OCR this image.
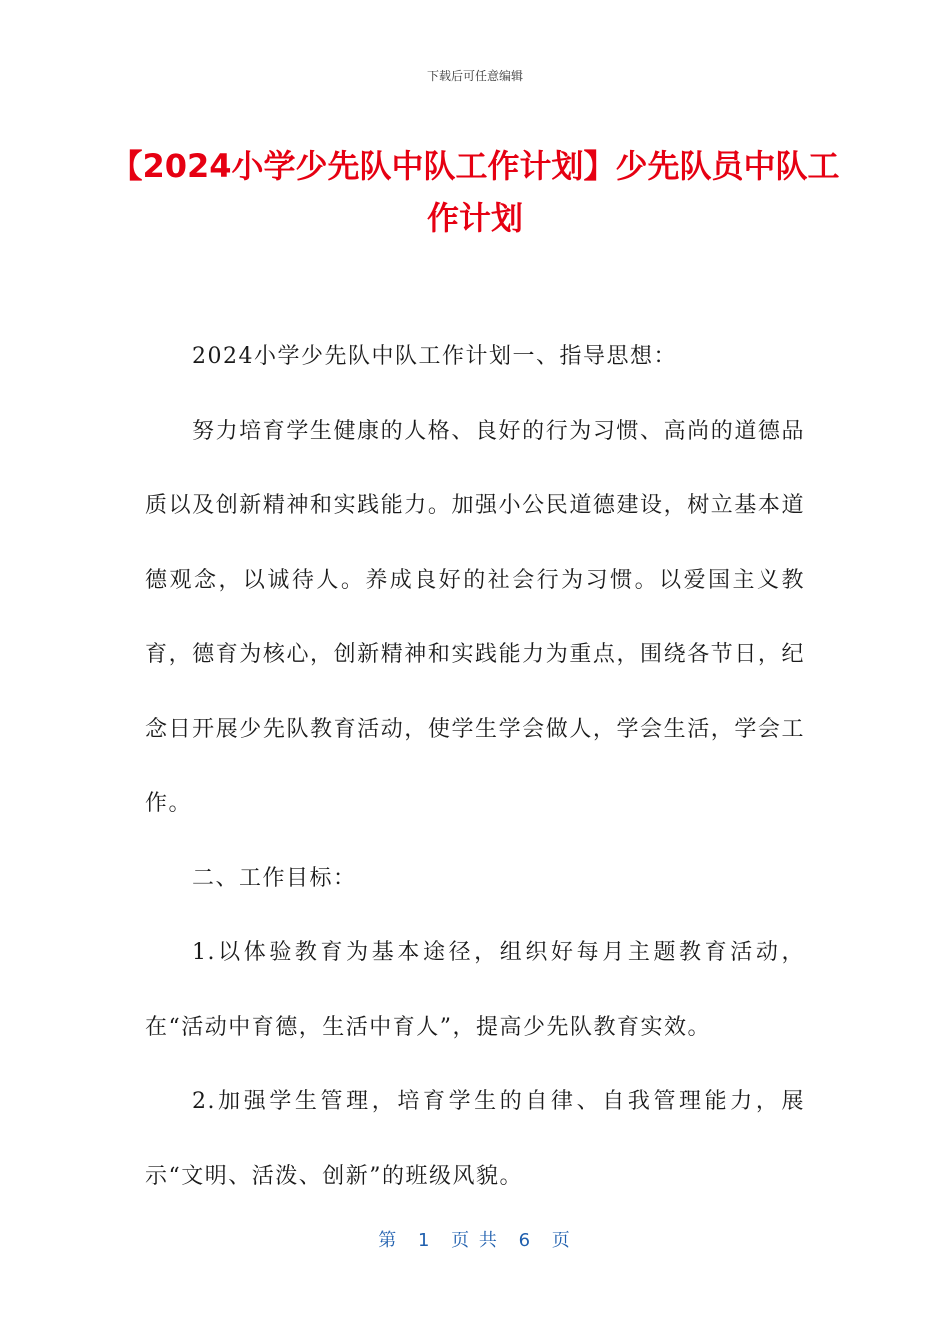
下载后可任意编辑
【2024小学少先队中队工作计划】少先队员中队工作计划

2024小学少先队中队工作计划一、指导思想：

努力培育学生健康的人格、良好的行为习惯、高尚的道德品质以及创新精神和实践能力。加强小公民道德建设，树立基本道德观念，以诚待人。养成良好的社会行为习惯。以爱国主义教育，德育为核心，创新精神和实践能力为重点，围绕各节日，纪念日开展少先队教育活动，使学生学会做人，学会生活，学会工作。

二、工作目标：

1.以体验教育为基本途径，组织好每月主题教育活动，在“活动中育德，生活中育人”，提高少先队教育实效。

2.加强学生管理，培育学生的自律、自我管理能力，展示“文明、活泼、创新”的班级风貌。

第 1 页 共 6 页
